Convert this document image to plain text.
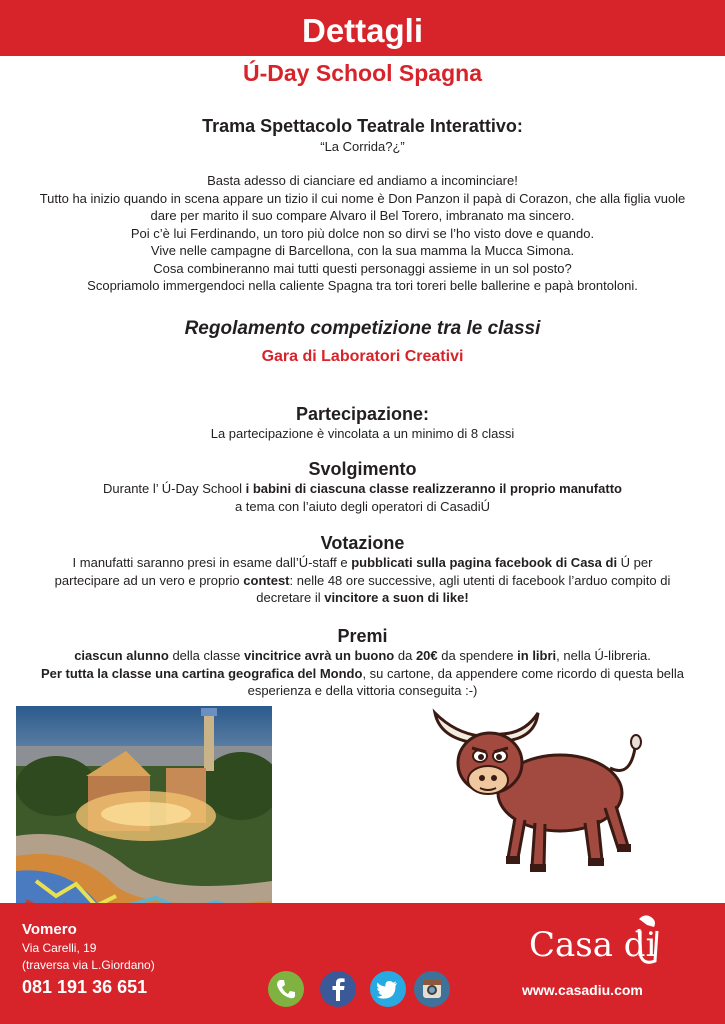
Dettagli
Ú-Day School Spagna

Trama Spettacolo Teatrale Interattivo:

“La Corrida?¿”

Basta adesso di cianciare ed andiamo a incominciare!

Tutto ha inizio quando in scena appare un tizio il cui nome è Don Panzon il papà di Corazon, che alla figlia vuole

dare per marito il suo compare Alvaro il Bel Torero, imbranato ma sincero.

Poi c’è lui Ferdinando, un toro più dolce non so dirvi se l’ho visto dove e quando.

Vive nelle campagne di Barcellona, con la sua mamma la Mucca Simona.

Cosa combineranno mai tutti questi personaggi assieme in un sol posto?

Scopriamolo immergendoci nella caliente Spagna tra tori toreri belle ballerine e papà brontoloni.

Regolamento competizione tra le classi

Gara di Laboratori Creativi

Partecipazione:

La partecipazione è vincolata a un minimo di 8 classi

Svolgimento

Durante l’ Ú-Day School i babini di ciascuna classe realizzeranno il proprio manufatto

a tema con l’aiuto degli operatori di CasadiÚ

Votazione

I manufatti saranno presi in esame dall’Ú-staff e pubblicati sulla pagina facebook di Casa di Ú per

partecipare ad un vero e proprio contest: nelle 48 ore successive, agli utenti di facebook l’arduo compito di

decretare il vincitore a suon di like!

Premi

ciascun alunno della classe vincitrice avrà un buono da 20€ da spendere in libri, nella Ú-libreria.

Per tutta la classe una cartina geografica del Mondo, su cartone, da appendere come ricordo di questa bella

esperienza e della vittoria conseguita :-)

Vomero
Via Carelli, 19
(traversa via L.Giordano)
081 191 36 651
Casa di
www.casadiu.com
